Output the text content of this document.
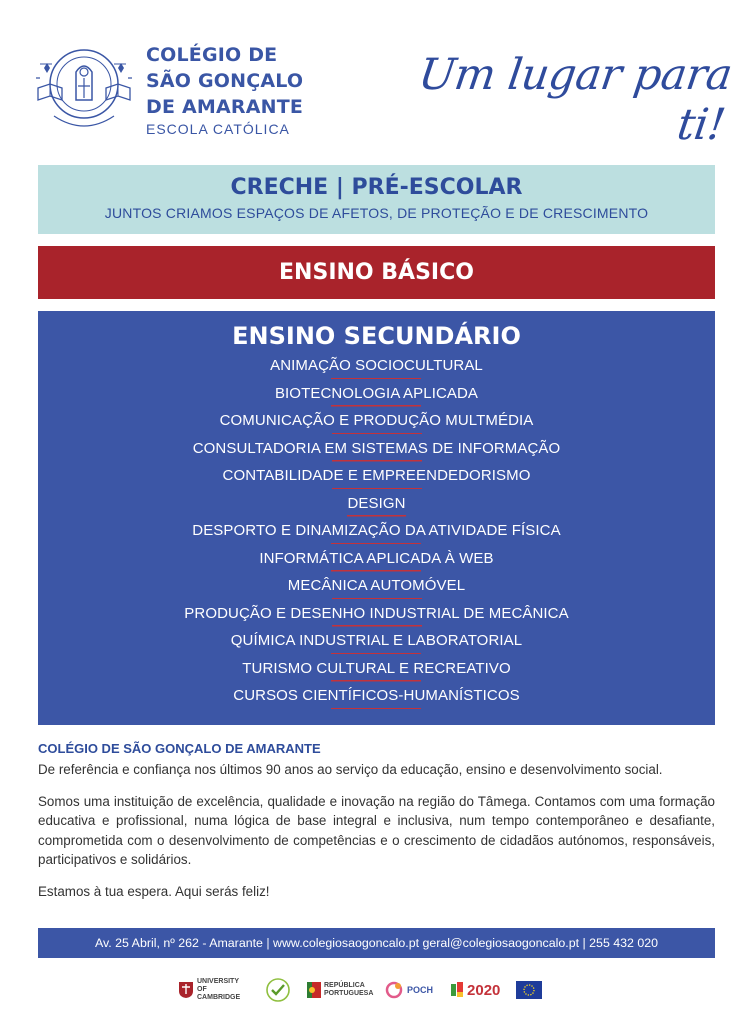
COLÉGIO DE
SÃO GONÇALO
DE AMARANTE
ESCOLA CATÓLICA
Um lugar para ti!
CRECHE | PRÉ-ESCOLAR
JUNTOS CRIAMOS ESPAÇOS DE AFETOS, DE PROTEÇÃO E DE CRESCIMENTO
ENSINO BÁSICO
ENSINO SECUNDÁRIO
ANIMAÇÃO SOCIOCULTURAL
BIOTECNOLOGIA APLICADA
COMUNICAÇÃO E PRODUÇÃO MULTMÉDIA
CONSULTADORIA EM SISTEMAS DE INFORMAÇÃO
CONTABILIDADE E EMPREENDEDORISMO
DESIGN
DESPORTO E DINAMIZAÇÃO DA ATIVIDADE FÍSICA
INFORMÁTICA APLICADA À WEB
MECÂNICA AUTOMÓVEL
PRODUÇÃO E DESENHO INDUSTRIAL DE MECÂNICA
QUÍMICA INDUSTRIAL E LABORATORIAL
TURISMO CULTURAL E RECREATIVO
CURSOS CIENTÍFICOS-HUMANÍSTICOS
COLÉGIO DE SÃO GONÇALO DE AMARANTE

De referência e confiança nos últimos 90 anos ao serviço da educação, ensino e desenvolvimento social.

Somos uma instituição de excelência, qualidade e inovação na região do Tâmega. Contamos com uma formação educativa e profissional, numa lógica de base integral e inclusiva, num tempo contemporâneo e desafiante, comprometida com o desenvolvimento de competências e o crescimento de cidadãos autónomos, responsáveis, participativos e solidários.

Estamos à tua espera. Aqui serás feliz!

Av. 25 Abril, nº 262 - Amarante | www.colegiosaogoncalo.pt geral@colegiosaogoncalo.pt | 255 432 020
UNIVERSITY OF CAMBRIDGE
REPÚBLICA PORTUGUESA	POCH 2020
